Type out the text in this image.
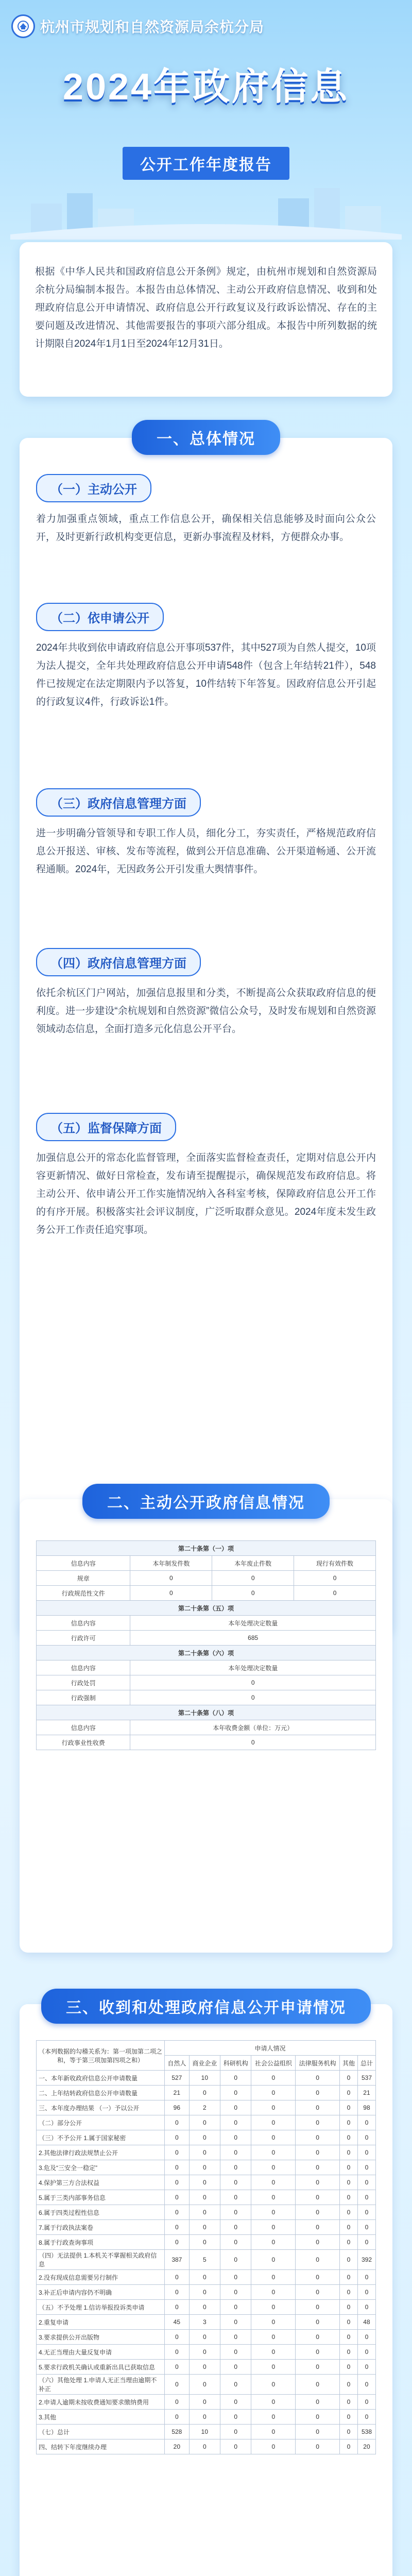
杭州市规划和自然资源局余杭分局
2024年政府信息
公开工作年度报告
根据《中华人民共和国政府信息公开条例》规定，由杭州市规划和自然资源局余杭分局编制本报告。本报告由总体情况、主动公开政府信息情况、收到和处理政府信息公开申请情况、政府信息公开行政复议及行政诉讼情况、存在的主要问题及改进情况、其他需要报告的事项六部分组成。本报告中所列数据的统计期限自2024年1月1日至2024年12月31日。
一、总体情况
（一）主动公开
着力加强重点领域，重点工作信息公开，确保相关信息能够及时面向公众公开，及时更新行政机构变更信息，更新办事流程及材料，方便群众办事。
（二）依申请公开
2024年共收到依申请政府信息公开事项537件，其中527项为自然人提交，10项为法人提交，全年共处理政府信息公开申请548件（包含上年结转21件），548件已按规定在法定期限内予以答复，10件结转下年答复。因政府信息公开引起的行政复议4件，行政诉讼1件。
（三）政府信息管理方面
进一步明确分管领导和专职工作人员，细化分工，夯实责任，严格规范政府信息公开报送、审核、发布等流程，做到公开信息准确、公开渠道畅通、公开流程通顺。2024年，无因政务公开引发重大舆情事件。
（四）政府信息管理方面
依托余杭区门户网站，加强信息报里和分类，不断提高公众获取政府信息的便利度。进一步建设“余杭规划和自然资源”微信公众号，及时发布规划和自然资源领域动态信息，全面打造多元化信息公开平台。
（五）监督保障方面
加强信息公开的常态化监督管理，全面落实监督检查责任，定期对信息公开内容更新情况、做好日常检查，发布请至提醒提示，确保规范发布政府信息。将主动公开、依申请公开工作实施情况纳入各科室考核，保障政府信息公开工作的有序开展。积极落实社会评议制度，广泛听取群众意见。2024年度未发生政务公开工作责任追究事项。
二、主动公开政府信息情况
第二十条第（一）项			
信息内容	本年制发件数	本年废止件数	现行有效件数
规章	0	0	0
行政规范性文件	0	0	0
第二十条第（五）项			
信息内容	本年处理决定数量		
行政许可	685		
第二十条第（六）项			
信息内容	本年处理决定数量		
行政处罚	0		
行政强制	0		
第二十条第（八）项			
信息内容	本年收费金额（单位：万元）		
行政事业性收费	0		
三、收到和处理政府信息公开申请情况
（本列数据的勾稽关系为：第一项加第二项之和，等于第三项加第四项之和）	申请人情况						
	自然人	商业企业	科研机构	社会公益组织	法律服务机构	其他	总计
一、本年新收政府信息公开申请数量	527	10	0	0	0	0	537
二、上年结转政府信息公开申请数量	21	0	0	0	0	0	21
三、本年度办理结果 （一）予以公开	96	2	0	0	0	0	98
（二）部分公开	0	0	0	0	0	0	0
（三）不予公开 1.属于国家秘密	0	0	0	0	0	0	0
2.其他法律行政法规禁止公开	0	0	0	0	0	0	0
3.危及“三安全一稳定”	0	0	0	0	0	0	0
4.保护第三方合法权益	0	0	0	0	0	0	0
5.属于三类内部事务信息	0	0	0	0	0	0	0
6.属于四类过程性信息	0	0	0	0	0	0	0
7.属于行政执法案卷	0	0	0	0	0	0	0
8.属于行政查询事项	0	0	0	0	0	0	0
（四）无法提供 1.本机关不掌握相关政府信息	387	5	0	0	0	0	392
2.没有现成信息需要另行制作	0	0	0	0	0	0	0
3.补正后申请内容仍不明确	0	0	0	0	0	0	0
（五）不予处理 1.信访举报投诉类申请	0	0	0	0	0	0	0
2.重复申请	45	3	0	0	0	0	48
3.要求提供公开出版物	0	0	0	0	0	0	0
4.无正当理由大量反复申请	0	0	0	0	0	0	0
5.要求行政机关确认或重新出具已获取信息	0	0	0	0	0	0	0
（六）其他处理 1.申请人无正当理由逾期不补正	0	0	0	0	0	0	0
2.申请人逾期未按收费通知要求缴纳费用	0	0	0	0	0	0	0
3.其他	0	0	0	0	0	0	0
（七）总计	528	10	0	0	0	0	538
四、结转下年度继续办理	20	0	0	0	0	0	20
